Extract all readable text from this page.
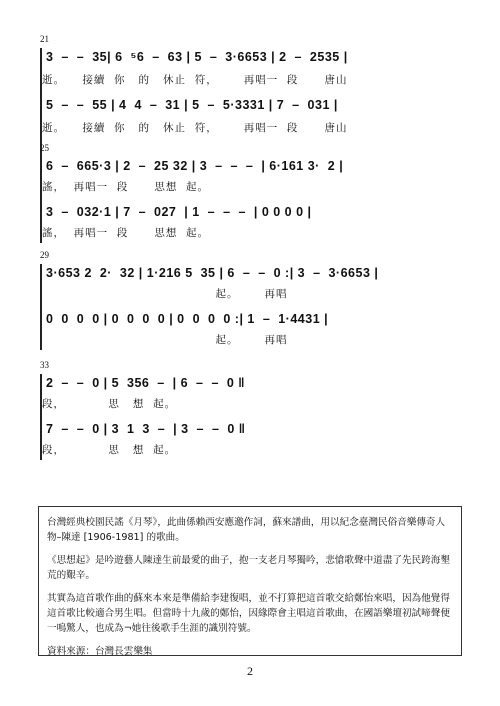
21
3  –  –  35| 6  ⁵6  –  63 | 5  –  3·6653 | 2  –  2535 |
逝。    接續  你   的   休止  符，      再唱一  段      唐山
5  –  –  55 | 4  4  –  31 | 5  –  5·3331 | 7  –  031 |
逝。    接續  你   的   休止  符，      再唱一  段      唐山
25
6  –  665·3 | 2  –  25 32 | 3  –  –  –  | 6·161 3·  2 |
謠，  再唱一  段      思想  起。
3  –  032·1 | 7  –  027  | 1  –  –  –  | 0 0 0 0 |
謠，  再唱一  段      思想  起。
29
3·653 2  2·  32 | 1·216 5  35 | 6  –  –  0 :| 3  –  3·6653 |
起。      再唱
0  0  0  0 | 0  0  0  0 | 0  0  0  0 :| 1  –  1·4431 |
起。      再唱
33
2  –  –  0 | 5  356  –  | 6  –  –  0 ‖
段，          思   想  起。
7  –  –  0 | 3  1  3  –  | 3  –  –  0 ‖
段，          思   想  起。

台灣經典校園民謠《月琴》，此曲係賴西安應邀作詞，蘇來譜曲，用以紀念臺灣民俗音樂傳奇人物–陳達 [1906-1981] 的歌曲。

《思想起》是吟遊藝人陳達生前最愛的曲子，抱一支老月琴獨吟，悲愴歌聲中道盡了先民跨海墾荒的艱辛。

其實為這首歌作曲的蘇來本來是準備給李建復唱，並不打算把這首歌交給鄭怡來唱，因為他覺得這首歌比較適合男生唱。但當時十九歲的鄭怡，因緣際會主唱這首歌曲，在國語樂壇初試啼聲便一鳴驚人，也成為¬她往後歌手生涯的識別符號。

資料來源：台灣長雲樂集

2
